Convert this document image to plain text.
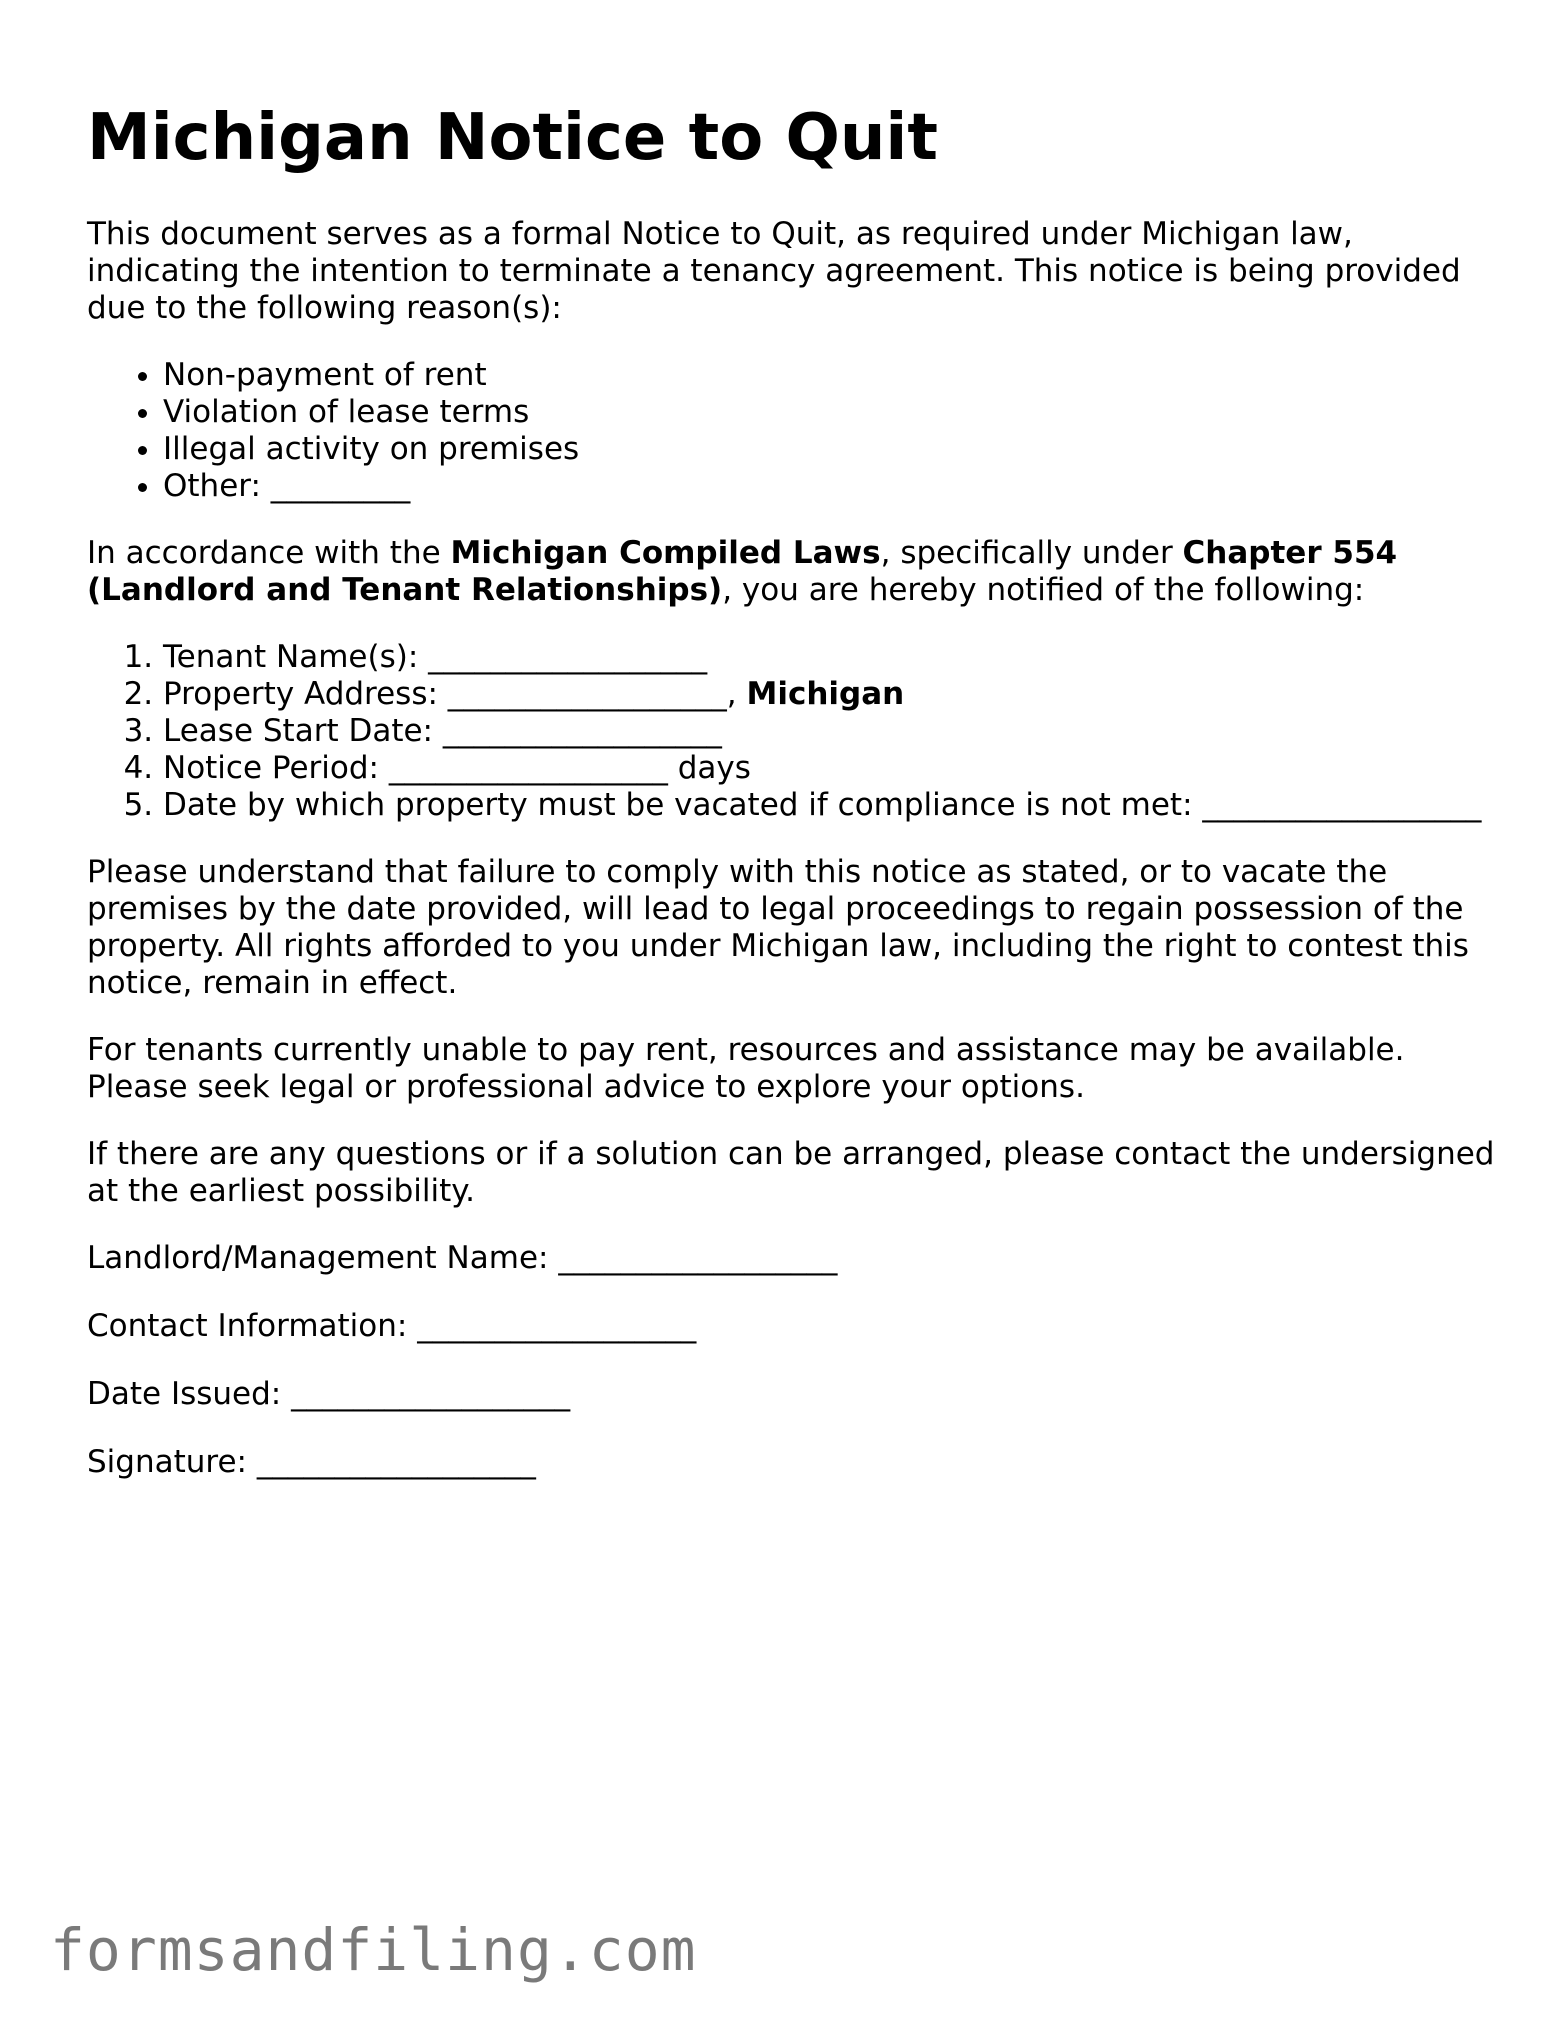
Michigan Notice to Quit

This document serves as a formal Notice to Quit, as required under Michigan law, indicating the intention to terminate a tenancy agreement. This notice is being provided due to the following reason(s):

• Non-payment of rent
• Violation of lease terms
• Illegal activity on premises
• Other: _________

In accordance with the Michigan Compiled Laws, specifically under Chapter 554 (Landlord and Tenant Relationships), you are hereby notified of the following:

1. Tenant Name(s): __________________
2. Property Address: __________________, Michigan
3. Lease Start Date: __________________
4. Notice Period: __________________ days
5. Date by which property must be vacated if compliance is not met: __________________

Please understand that failure to comply with this notice as stated, or to vacate the premises by the date provided, will lead to legal proceedings to regain possession of the property. All rights afforded to you under Michigan law, including the right to contest this notice, remain in effect.

For tenants currently unable to pay rent, resources and assistance may be available. Please seek legal or professional advice to explore your options.

If there are any questions or if a solution can be arranged, please contact the undersigned at the earliest possibility.

Landlord/Management Name: __________________
Contact Information: __________________
Date Issued: __________________
Signature: __________________
formsandfiling.com
